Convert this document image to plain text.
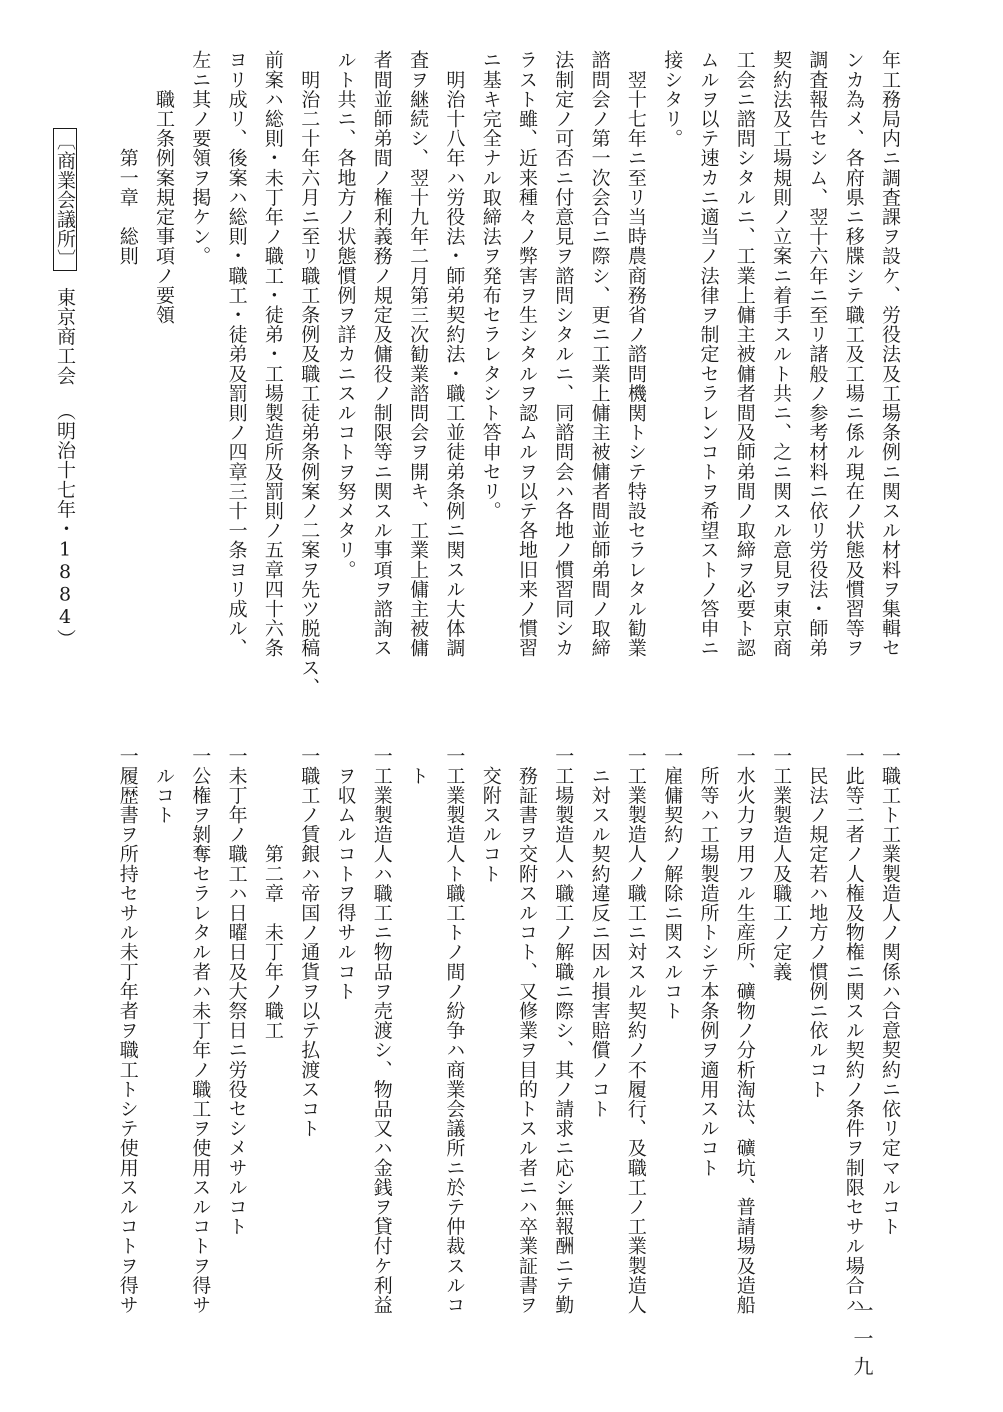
年工務局内ニ調査課ヲ設ケ、労役法及工場条例ニ関スル材料ヲ集輯セ
ンカ為メ、各府県ニ移牒シテ職工及工場ニ係ル現在ノ状態及慣習等ヲ
調査報告セシム、翌十六年ニ至リ諸般ノ参考材料ニ依リ労役法・師弟
契約法及工場規則ノ立案ニ着手スルト共ニ、之ニ関スル意見ヲ東京商
工会ニ諮問シタルニ、工業上傭主被傭者間及師弟間ノ取締ヲ必要ト認
ムルヲ以テ速カニ適当ノ法律ヲ制定セラレンコトヲ希望ストノ答申ニ
接シタリ。
　翌十七年ニ至リ当時農商務省ノ諮問機関トシテ特設セラレタル勧業
諮問会ノ第一次会合ニ際シ、更ニ工業上傭主被傭者間並師弟間ノ取締
法制定ノ可否ニ付意見ヲ諮問シタルニ、同諮問会ハ各地ノ慣習同シカ
ラスト雖、近来種々ノ弊害ヲ生シタルヲ認ムルヲ以テ各地旧来ノ慣習
ニ基キ完全ナル取締法ヲ発布セラレタシト答申セリ。
　明治十八年ハ労役法・師弟契約法・職工並徒弟条例ニ関スル大体調
査ヲ継続シ、翌十九年二月第三次勧業諮問会ヲ開キ、工業上傭主被傭
者間並師弟間ノ権利義務ノ規定及傭役ノ制限等ニ関スル事項ヲ諮詢ス
ルト共ニ、各地方ノ状態慣例ヲ詳カニスルコトヲ努メタリ。
　明治二十年六月ニ至リ職工条例及職工徒弟条例案ノ二案ヲ先ツ脱稿ス、
前案ハ総則・未丁年ノ職工・徒弟・工場製造所及罰則ノ五章四十六条
ヨリ成リ、後案ハ総則・職工・徒弟及罰則ノ四章三十一条ヨリ成ル、
左ニ其ノ要領ヲ掲ケン。
　　職工条例案規定事項ノ要領
　　　　　第一章　総則
一職工ト工業製造人ノ関係ハ合意契約ニ依リ定マルコト
一此等二者ノ人権及物権ニ関スル契約ノ条件ヲ制限セサル場合ハ
　民法ノ規定若ハ地方ノ慣例ニ依ルコト
一工業製造人及職工ノ定義
一水火力ヲ用フル生産所、礦物ノ分析淘汰、礦坑、普請場及造船
　所等ハ工場製造所トシテ本条例ヲ適用スルコト
一雇傭契約ノ解除ニ関スルコト
一工業製造人ノ職工ニ対スル契約ノ不履行、及職工ノ工業製造人
　ニ対スル契約違反ニ因ル損害賠償ノコト
一工場製造人ハ職工ノ解職ニ際シ、其ノ請求ニ応シ無報酬ニテ勤
　務証書ヲ交附スルコト、又修業ヲ目的トスル者ニハ卒業証書ヲ
　交附スルコト
一工業製造人ト職工トノ間ノ紛争ハ商業会議所ニ於テ仲裁スルコ
　ト
一工業製造人ハ職工ニ物品ヲ売渡シ、物品又ハ金銭ヲ貸付ケ利益
　ヲ収ムルコトヲ得サルコト
一職工ノ賃銀ハ帝国ノ通貨ヲ以テ払渡スコト
　　　　　第二章　未丁年ノ職工
一未丁年ノ職工ハ日曜日及大祭日ニ労役セシメサルコト
一公権ヲ剝奪セラレタル者ハ未丁年ノ職工ヲ使用スルコトヲ得サ
　ルコト
一履歴書ヲ所持セサル未丁年者ヲ職工トシテ使用スルコトヲ得サ
〔商業会議所〕東京商工会（明治十七年・1884）
一一九
